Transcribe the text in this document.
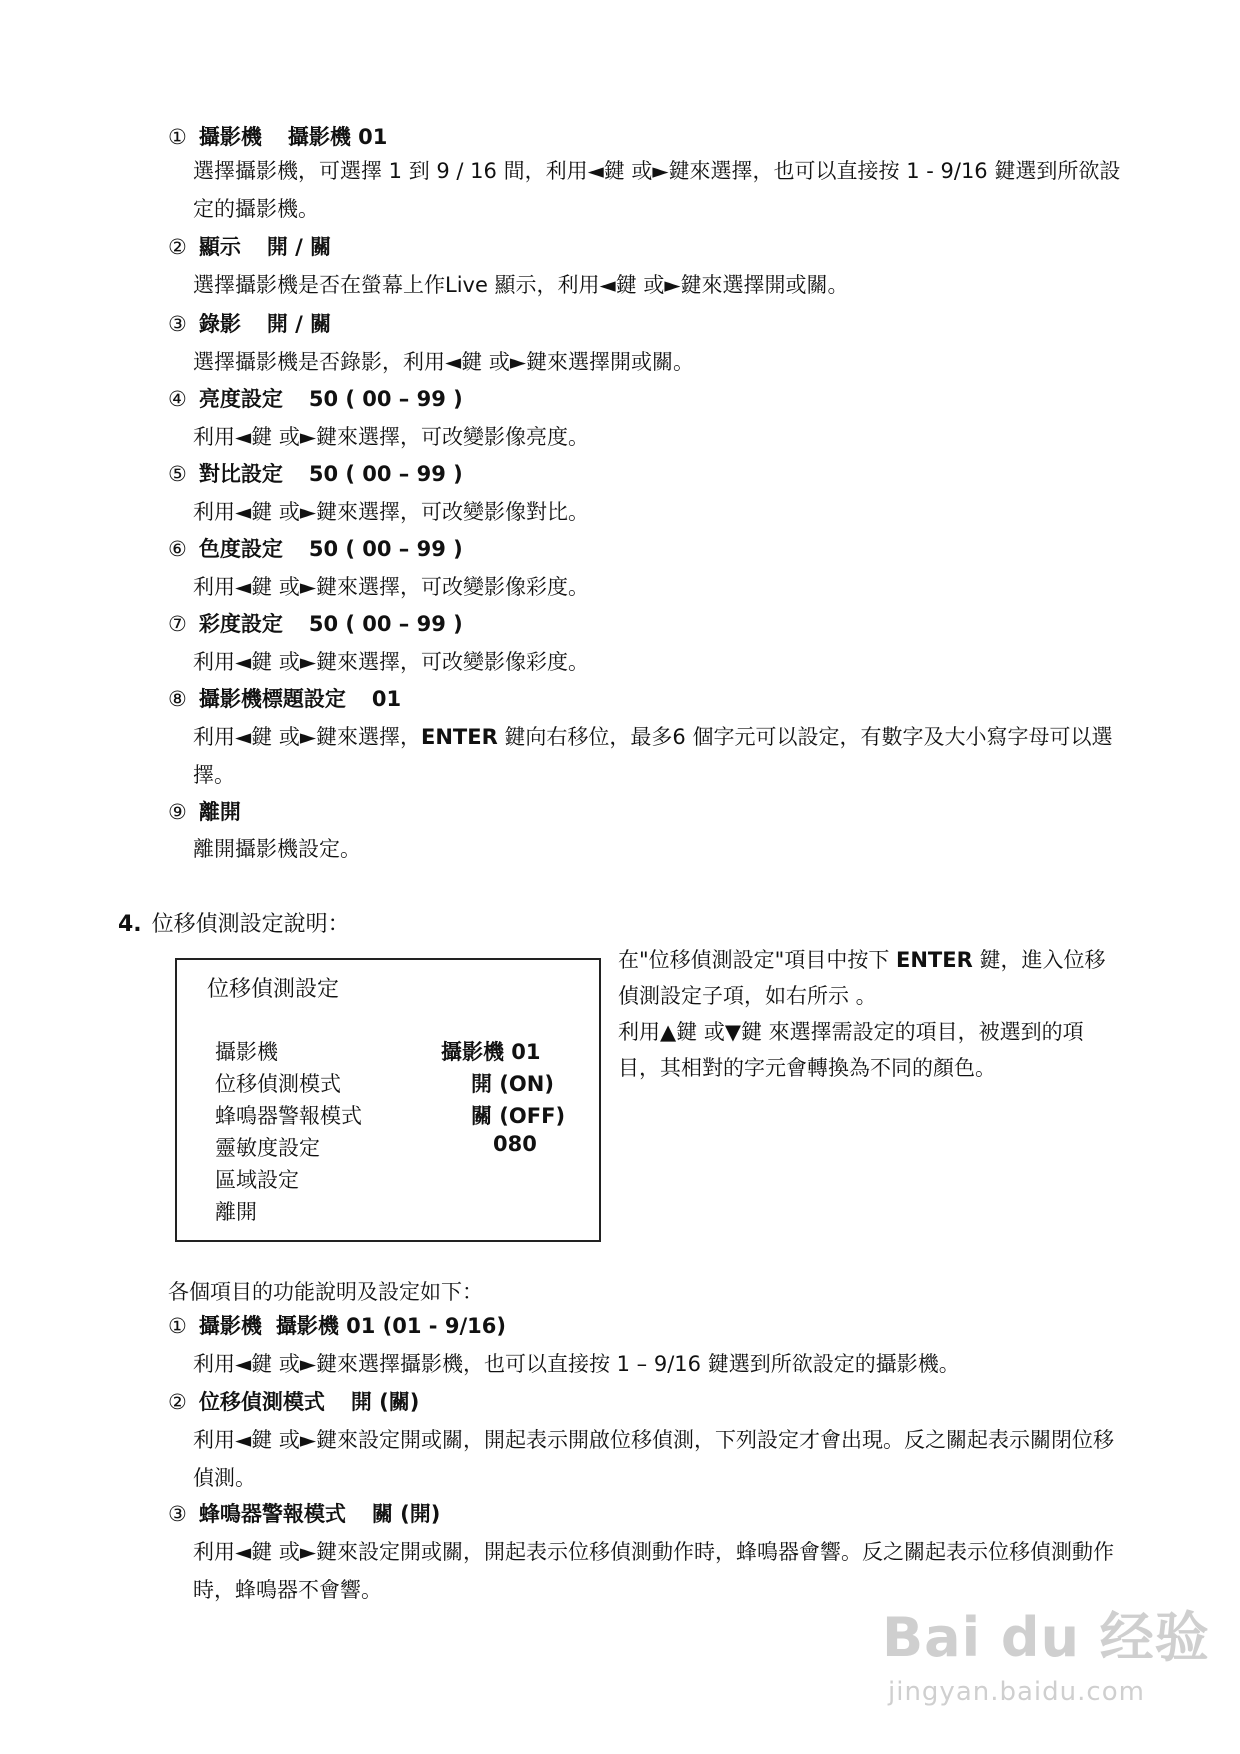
① 攝影機 攝影機 01
選擇攝影機，可選擇 1 到 9 / 16 間，利用◄鍵 或►鍵來選擇，也可以直接按 1 - 9/16 鍵選到所欲設定的攝影機。
② 顯示 開 / 關
選擇攝影機是否在螢幕上作Live 顯示，利用◄鍵 或►鍵來選擇開或關。
③ 錄影 開 / 關
選擇攝影機是否錄影，利用◄鍵 或►鍵來選擇開或關。
④ 亮度設定 50 ( 00 – 99 )
利用◄鍵 或►鍵來選擇，可改變影像亮度。
⑤ 對比設定 50 ( 00 – 99 )
利用◄鍵 或►鍵來選擇，可改變影像對比。
⑥ 色度設定 50 ( 00 – 99 )
利用◄鍵 或►鍵來選擇，可改變影像彩度。
⑦ 彩度設定 50 ( 00 – 99 )
利用◄鍵 或►鍵來選擇，可改變影像彩度。
⑧ 攝影機標題設定 01
利用◄鍵 或►鍵來選擇，ENTER 鍵向右移位，最多6 個字元可以設定，有數字及大小寫字母可以選擇。
⑨ 離開
離開攝影機設定。
4. 位移偵測設定說明：
位移偵測設定
攝影機	攝影機 01
位移偵測模式	開 (ON)
蜂鳴器警報模式	關 (OFF)
靈敏度設定	080
區域設定
離開

在"位移偵測設定"項目中按下 ENTER 鍵，進入位移偵測設定子項，如右所示 。

利用▲鍵 或▼鍵 來選擇需設定的項目，被選到的項目，其相對的字元會轉換為不同的顏色。

各個項目的功能說明及設定如下：
① 攝影機 攝影機 01 (01 - 9/16)
利用◄鍵 或►鍵來選擇攝影機，也可以直接按 1 – 9/16 鍵選到所欲設定的攝影機。
② 位移偵測模式 開 (關)
利用◄鍵 或►鍵來設定開或關，開起表示開啟位移偵測，下列設定才會出現。反之關起表示關閉位移偵測。
③ 蜂鳴器警報模式 關 (開)
利用◄鍵 或►鍵來設定開或關，開起表示位移偵測動作時，蜂鳴器會響。反之關起表示位移偵測動作時，蜂鳴器不會響。
Bai du 经验
jingyan.baidu.com
